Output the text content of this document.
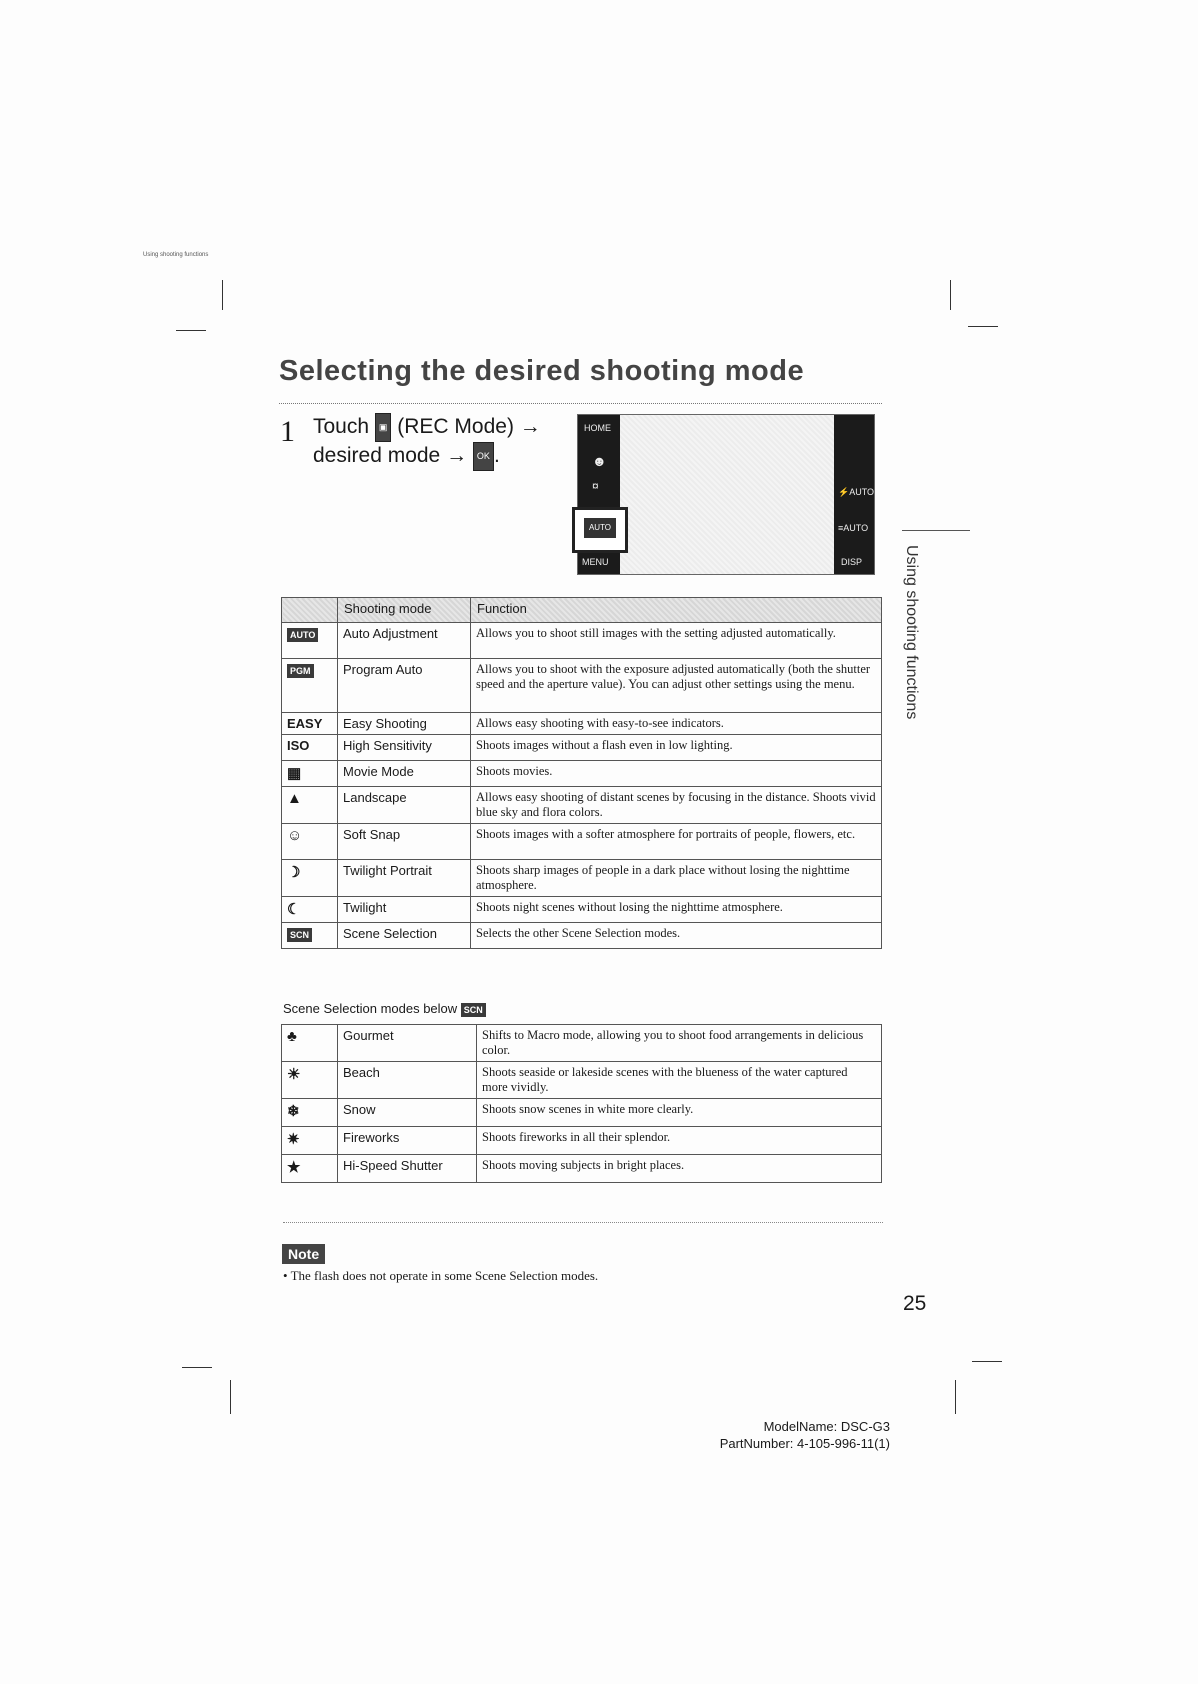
Using shooting functions
Selecting the desired shooting mode
1 Touch ▣ (REC Mode) →
desired mode → OK .
HOME
☻
¤
MENU
AUTO
⚡AUTO
≡AUTO
DISP
	Shooting mode	Function
AUTO	Auto Adjustment	Allows you to shoot still images with the setting adjusted automatically.
PGM	Program Auto	Allows you to shoot with the exposure adjusted automatically (both the shutter speed and the aperture value). You can adjust other settings using the menu.
EASY	Easy Shooting	Allows easy shooting with easy-to-see indicators.
ISO	High Sensitivity	Shoots images without a flash even in low lighting.
▦	Movie Mode	Shoots movies.
▲	Landscape	Allows easy shooting of distant scenes by focusing in the distance. Shoots vivid blue sky and flora colors.
☺	Soft Snap	Shoots images with a softer atmosphere for portraits of people, flowers, etc.
☽	Twilight Portrait	Shoots sharp images of people in a dark place without losing the nighttime atmosphere.
☾	Twilight	Shoots night scenes without losing the nighttime atmosphere.
SCN	Scene Selection	Selects the other Scene Selection modes.
Scene Selection modes below SCN
♣	Gourmet	Shifts to Macro mode, allowing you to shoot food arrangements in delicious color.
☀	Beach	Shoots seaside or lakeside scenes with the blueness of the water captured more vividly.
❄	Snow	Shoots snow scenes in white more clearly.
✷	Fireworks	Shoots fireworks in all their splendor.
★	Hi-Speed Shutter	Shoots moving subjects in bright places.
Note
• The flash does not operate in some Scene Selection modes.
25
Using shooting functions
ModelName: DSC-G3
PartNumber: 4-105-996-11(1)
